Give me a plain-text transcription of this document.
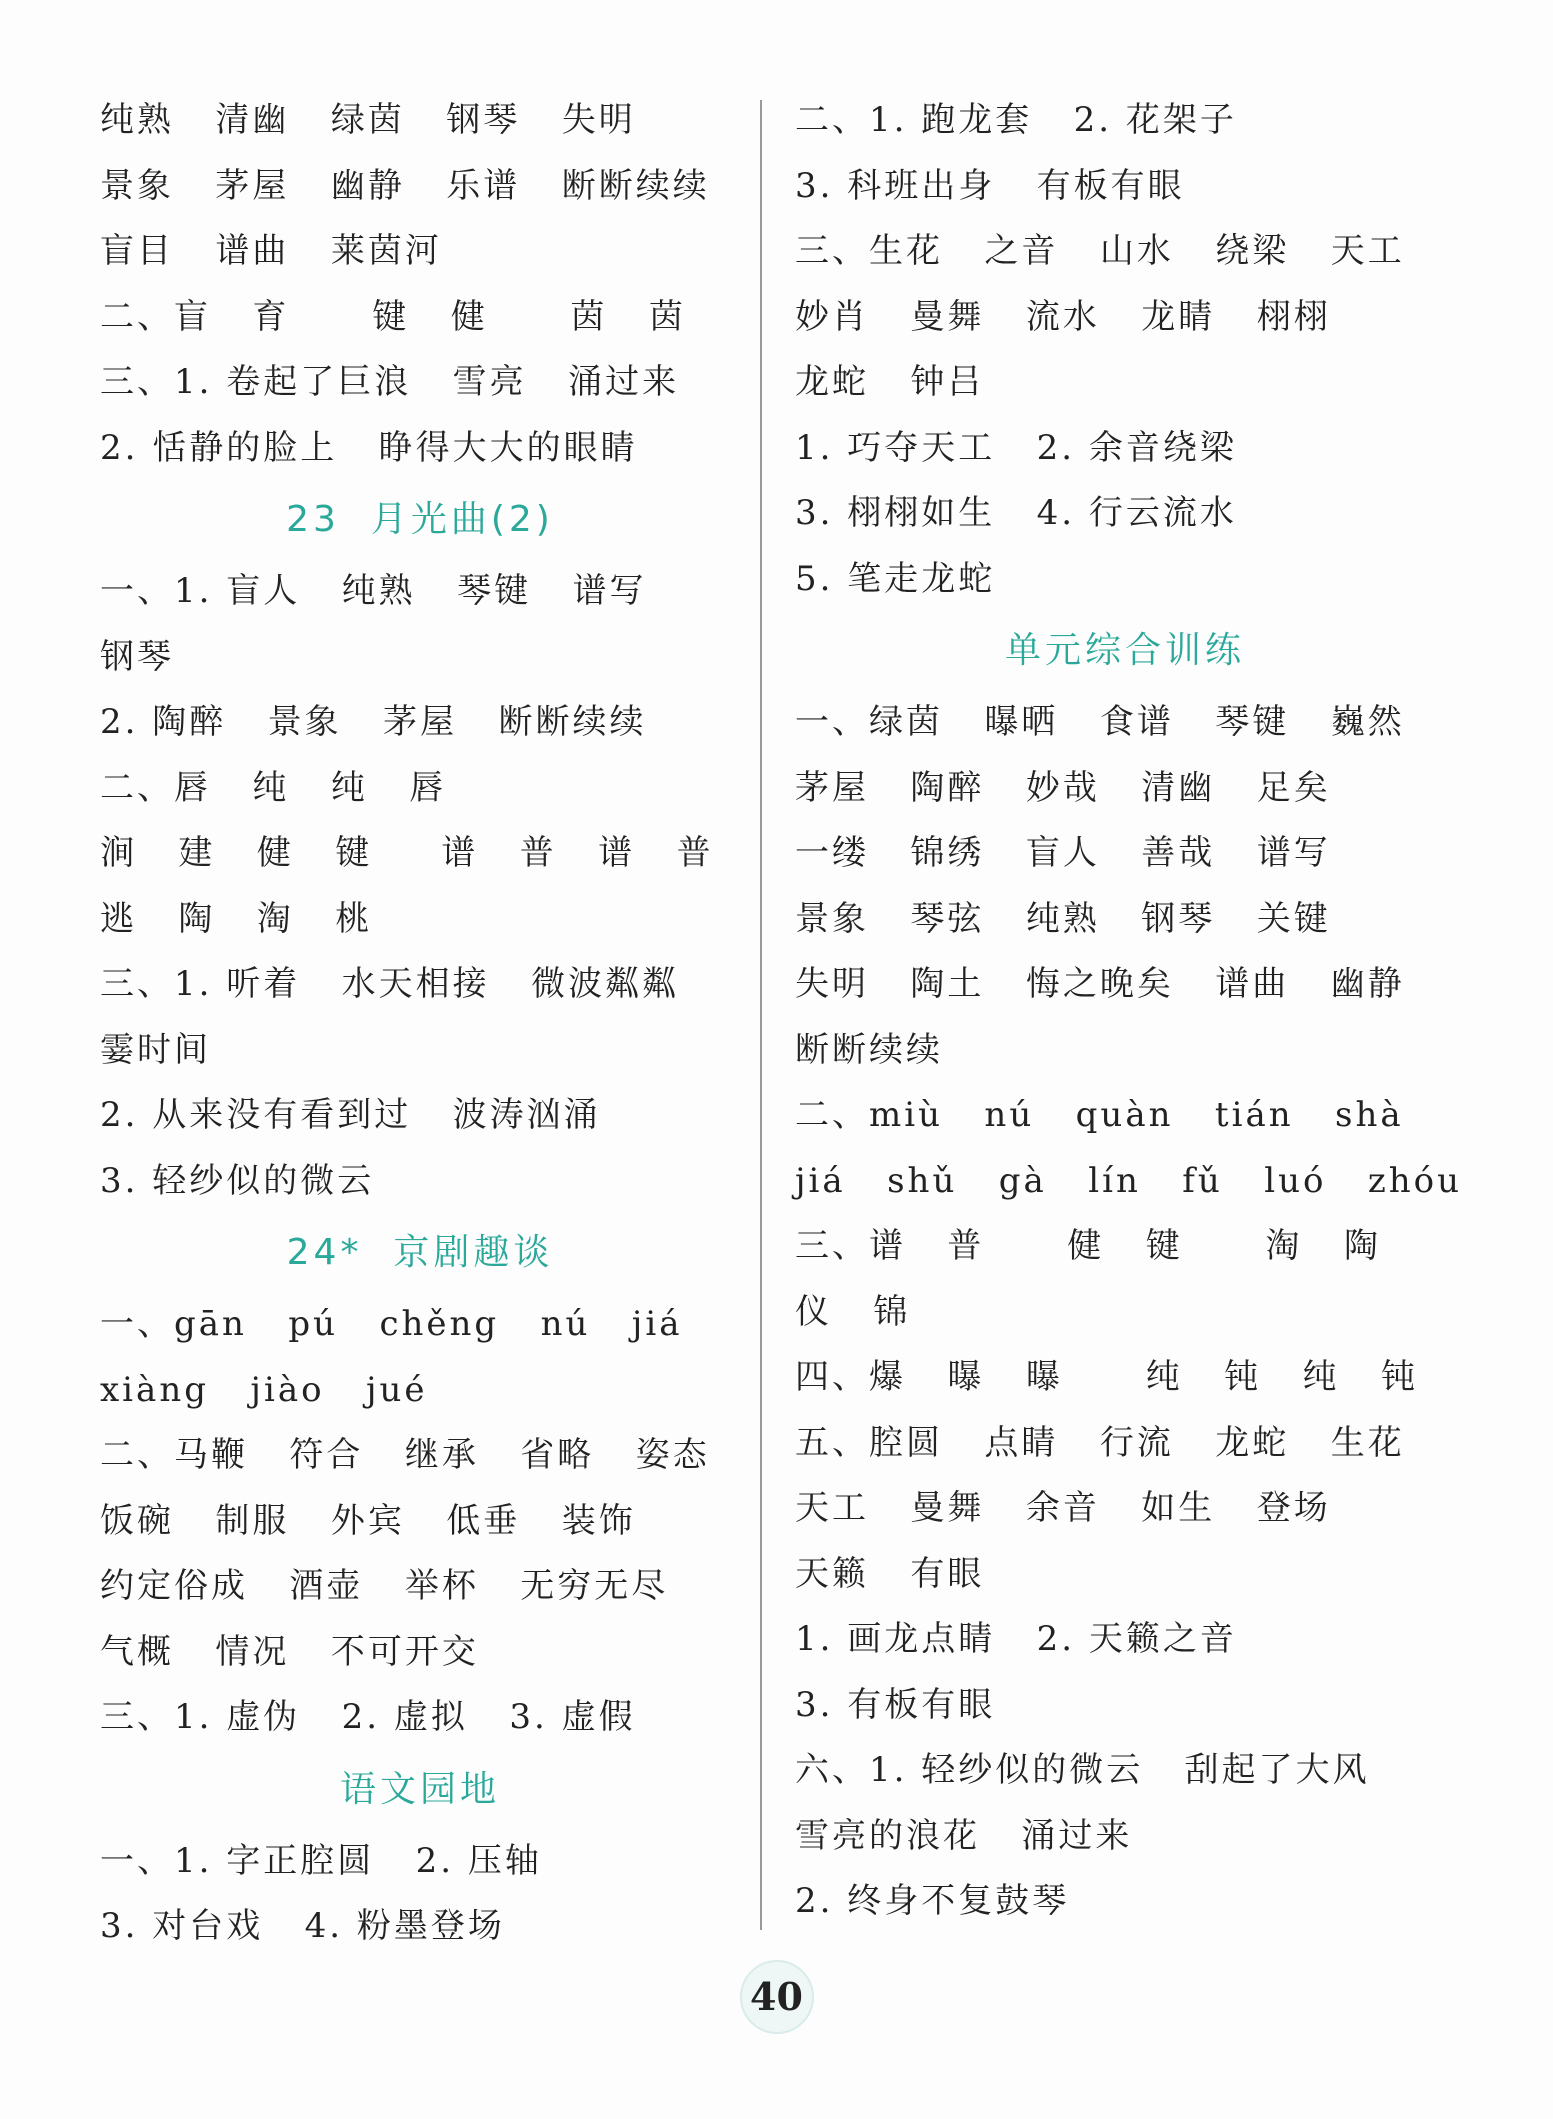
纯熟   清幽   绿茵   钢琴   失明
景象   茅屋   幽静   乐谱   断断续续
盲目   谱曲   莱茵河
二、盲   育      键   健      茵   茵
三、1. 卷起了巨浪   雪亮   涌过来
2. 恬静的脸上   睁得大大的眼睛
23  月光曲(2)
一、1. 盲人   纯熟   琴键   谱写
钢琴
2. 陶醉   景象   茅屋   断断续续
二、唇   纯   纯   唇
涧   建   健   键     谱   普   谱   普
逃   陶   淘   桃
三、1. 听着   水天相接   微波粼粼
霎时间
2. 从来没有看到过   波涛汹涌
3. 轻纱似的微云
24*  京剧趣谈
一、gān   pú   chěng   nú   jiá
xiàng   jiào   jué
二、马鞭   符合   继承   省略   姿态
饭碗   制服   外宾   低垂   装饰
约定俗成   酒壶   举杯   无穷无尽
气概   情况   不可开交
三、1. 虚伪   2. 虚拟   3. 虚假
语文园地
一、1. 字正腔圆   2. 压轴
3. 对台戏   4. 粉墨登场
二、1. 跑龙套   2. 花架子
3. 科班出身   有板有眼
三、生花   之音   山水   绕梁   天工
妙肖   曼舞   流水   龙睛   栩栩
龙蛇   钟吕
1. 巧夺天工   2. 余音绕梁
3. 栩栩如生   4. 行云流水
5. 笔走龙蛇
单元综合训练
一、绿茵   曝晒   食谱   琴键   巍然
茅屋   陶醉   妙哉   清幽   足矣
一缕   锦绣   盲人   善哉   谱写
景象   琴弦   纯熟   钢琴   关键
失明   陶土   悔之晚矣   谱曲   幽静
断断续续
二、miù   nú   quàn   tián   shà
jiá   shǔ   gà   lín   fǔ   luó   zhóu
三、谱   普      健   键      淘   陶
仪   锦
四、爆   曝   曝      纯   钝   纯   钝
五、腔圆   点睛   行流   龙蛇   生花
天工   曼舞   余音   如生   登场
天籁   有眼
1. 画龙点睛   2. 天籁之音
3. 有板有眼
六、1. 轻纱似的微云   刮起了大风
雪亮的浪花   涌过来
2. 终身不复鼓琴
40
